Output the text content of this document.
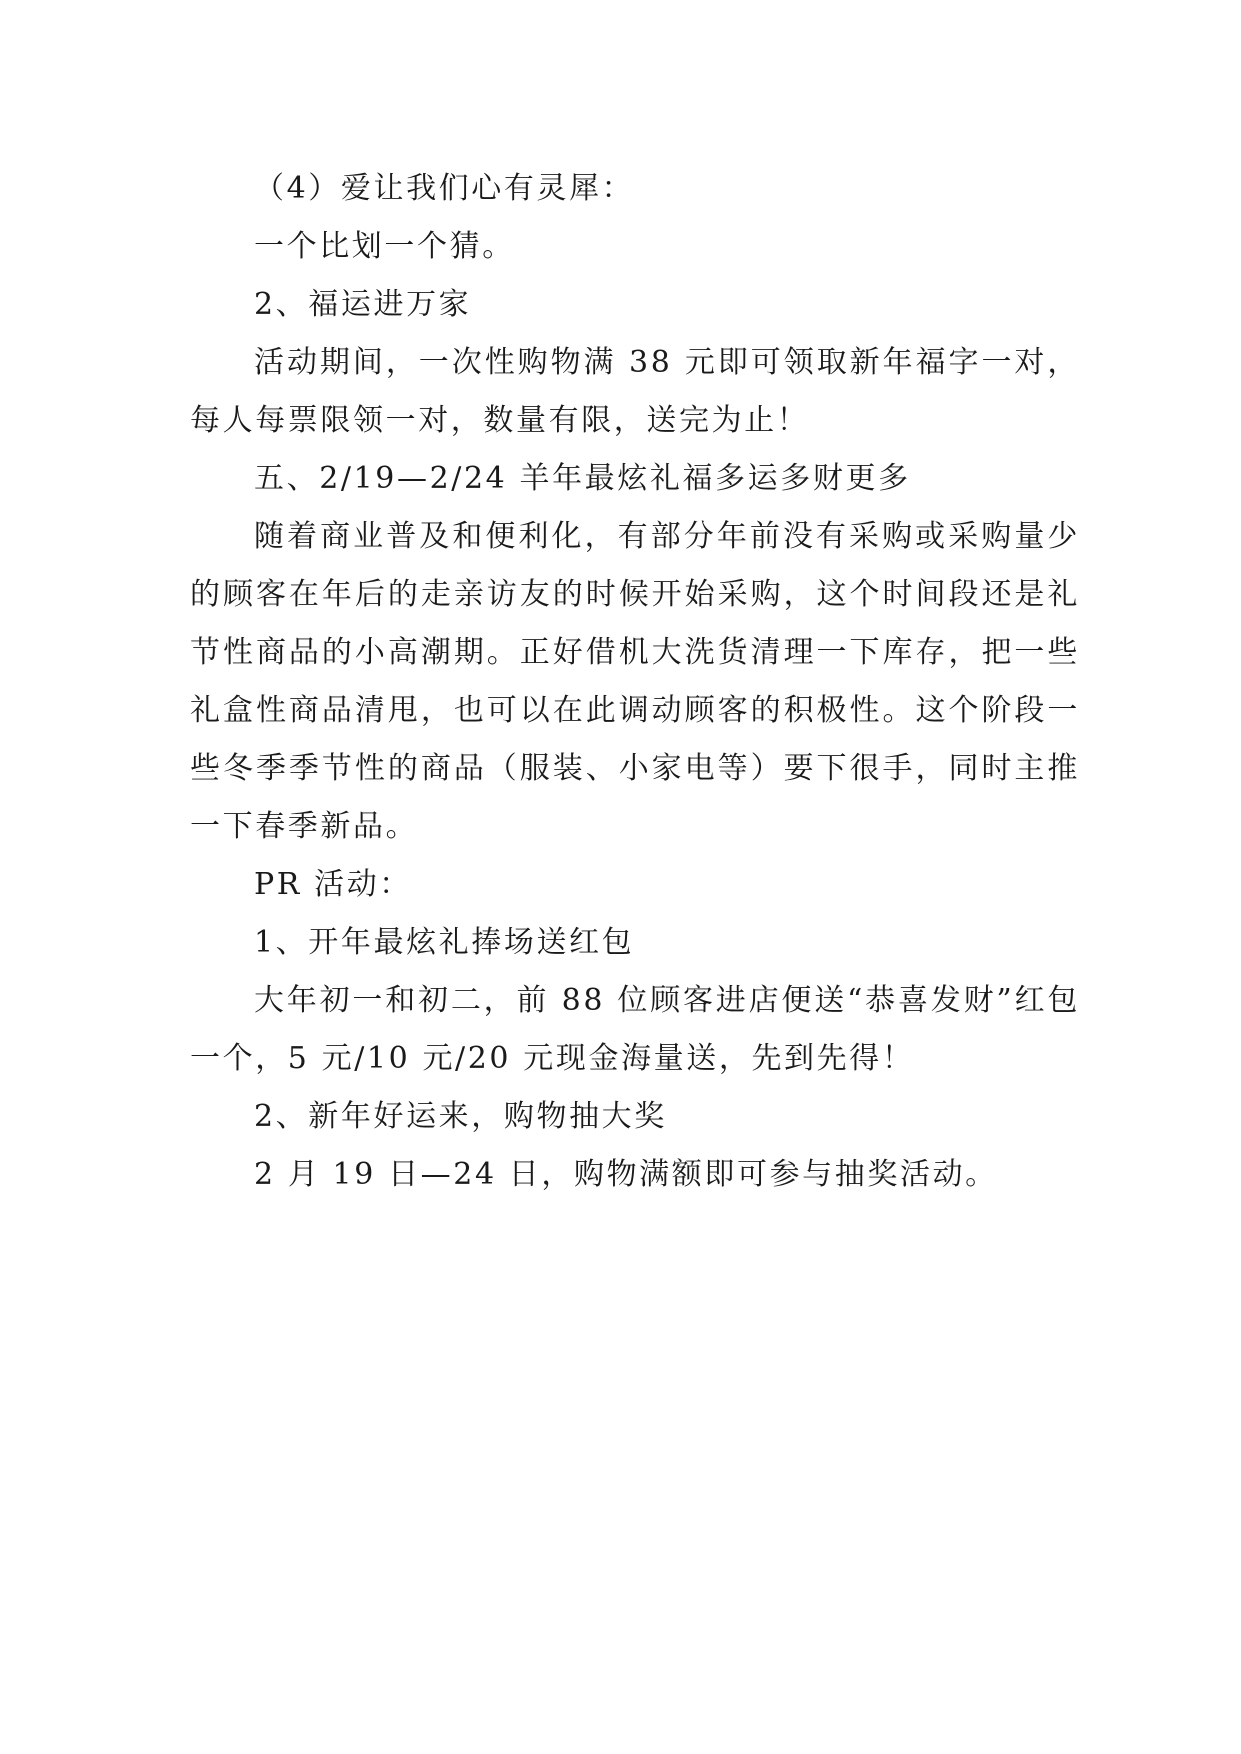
（4）爱让我们心有灵犀：

一个比划一个猜。

2、福运进万家

活动期间，一次性购物满 38 元即可领取新年福字一对，每人每票限领一对，数量有限，送完为止！

五、2/19—2/24 羊年最炫礼福多运多财更多

随着商业普及和便利化，有部分年前没有采购或采购量少的顾客在年后的走亲访友的时候开始采购，这个时间段还是礼节性商品的小高潮期。正好借机大洗货清理一下库存，把一些礼盒性商品清甩，也可以在此调动顾客的积极性。这个阶段一些冬季季节性的商品（服装、小家电等）要下很手，同时主推一下春季新品。

PR 活动：

1、开年最炫礼捧场送红包

大年初一和初二，前 88 位顾客进店便送“恭喜发财”红包一个，5 元/10 元/20 元现金海量送，先到先得！

2、新年好运来，购物抽大奖

2 月 19 日—24 日，购物满额即可参与抽奖活动。
